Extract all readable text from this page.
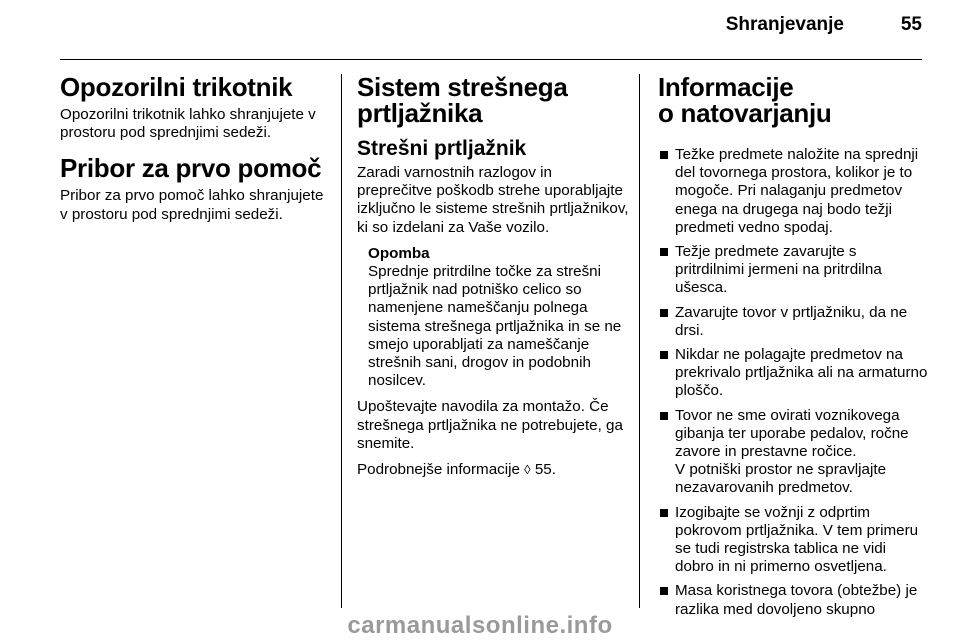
Shranjevanje	55
Opozorilni trikotnik

Opozorilni trikotnik lahko shranjujete v prostoru pod sprednjimi sedeži.

Pribor za prvo pomoč

Pribor za prvo pomoč lahko shranjujete v prostoru pod sprednjimi sedeži.

Sistem strešnega
prtljažnika
Strešni prtljažnik

Zaradi varnostnih razlogov in preprečitve poškodb strehe uporabljajte izključno le sisteme strešnih prtljažnikov, ki so izdelani za Vaše vozilo.

Opomba
Sprednje pritrdilne točke za strešni prtljažnik nad potniško celico so namenjene nameščanju polnega sistema strešnega prtljažnika in se ne smejo uporabljati za nameščanje strešnih sani, drogov in podobnih nosilcev.

Upoštevajte navodila za montažo. Če strešnega prtljažnika ne potrebujete, ga snemite.

Podrobnejše informacije ◊ 55.

Informacije
o natovarjanju
Težke predmete naložite na sprednji del tovornega prostora, kolikor je to mogoče. Pri nalaganju predmetov enega na drugega naj bodo težji predmeti vedno spodaj.
Težje predmete zavarujte s pritrdilnimi jermeni na pritrdilna ušesca.
Zavarujte tovor v prtljažniku, da ne drsi.
Nikdar ne polagajte predmetov na prekrivalo prtljažnika ali na armaturno ploščo.
Tovor ne sme ovirati voznikovega gibanja ter uporabe pedalov, ročne zavore in prestavne ročice.
V potniški prostor ne spravljajte nezavarovanih predmetov.
Izogibajte se vožnji z odprtim pokrovom prtljažnika. V tem primeru se tudi registrska tablica ne vidi dobro in ni primerno osvetljena.
Masa koristnega tovora (obtežbe) je razlika med dovoljeno skupno
carmanualsonline.info
